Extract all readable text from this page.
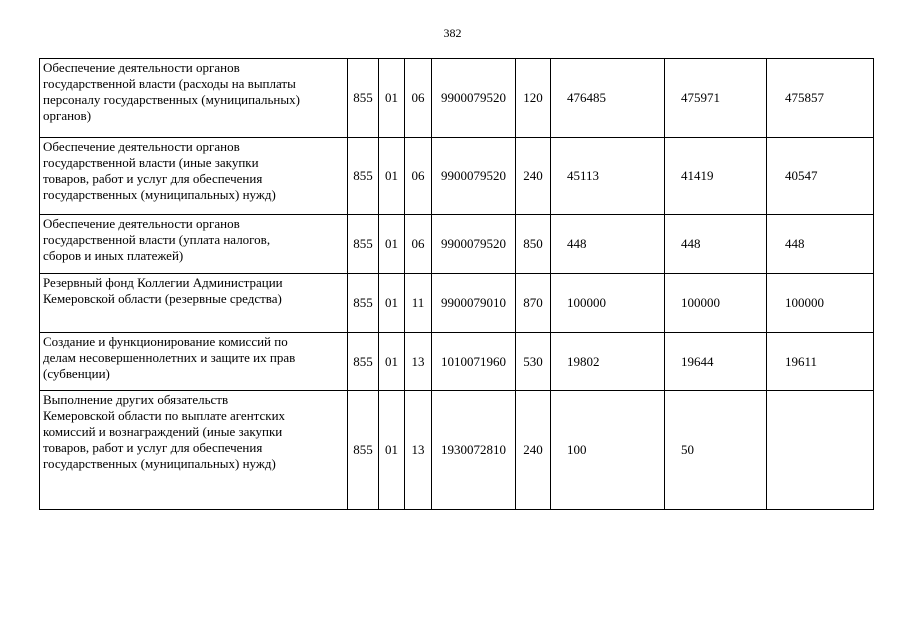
382
Обеспечение деятельности органов
государственной власти (расходы на выплаты
персоналу государственных (муниципальных)
органов)	855	01	06	9900079520	120	476485	475971	475857

Обеспечение деятельности органов
государственной власти (иные закупки
товаров, работ и услуг для обеспечения
государственных (муниципальных) нужд)	855	01	06	9900079520	240	45113	41419	40547

Обеспечение деятельности органов
государственной власти (уплата налогов,
сборов и иных платежей)	855	01	06	9900079520	850	448	448	448

Резервный фонд Коллегии Администрации
Кемеровской области (резервные средства)	855	01	11	9900079010	870	100000	100000	100000

Создание и функционирование комиссий по
делам несовершеннолетних и защите их прав
(субвенции)	855	01	13	1010071960	530	19802	19644	19611

Выполнение других обязательств
Кемеровской области по выплате агентских
комиссий и вознаграждений (иные закупки
товаров, работ и услуг для обеспечения
государственных (муниципальных) нужд)	855	01	13	1930072810	240	100	50	
